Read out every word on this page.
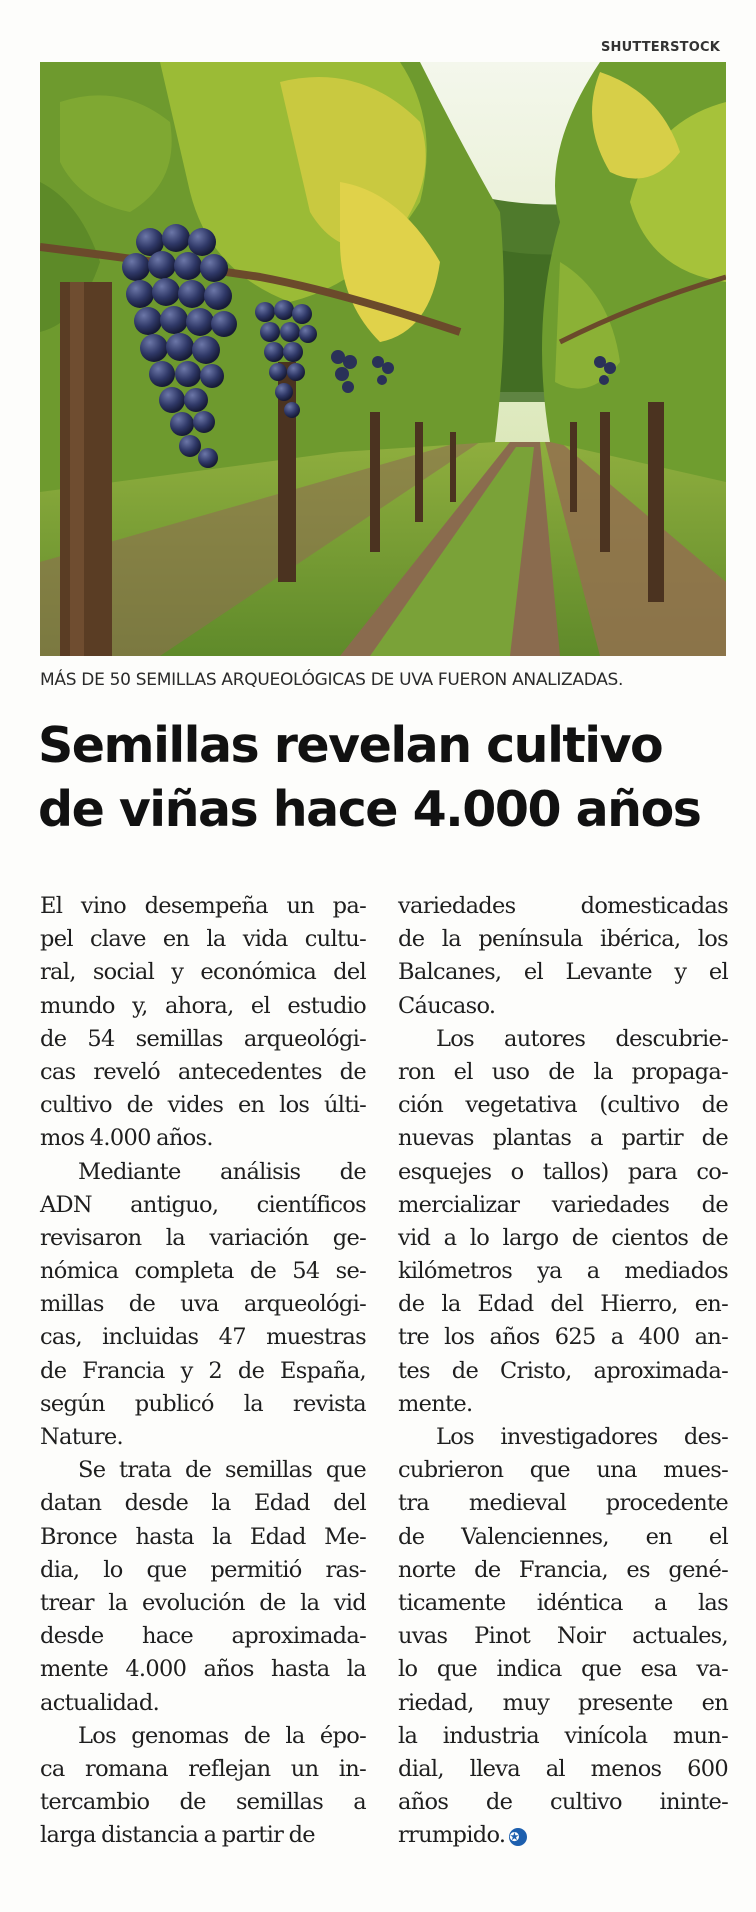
SHUTTERSTOCK
MÁS DE 50 SEMILLAS ARQUEOLÓGICAS DE UVA FUERON ANALIZADAS.
Semillas revelan cultivo
de viñas hace 4.000 años
El vino desempeña un pa-
pel clave en la vida cultu-
ral, social y económica del
mundo y, ahora, el estudio
de 54 semillas arqueológi-
cas reveló antecedentes de
cultivo de vides en los últi-
mos 4.000 años.
Mediante análisis de
ADN antiguo, científicos
revisaron la variación ge-
nómica completa de 54 se-
millas de uva arqueológi-
cas, incluidas 47 muestras
de Francia y 2 de España,
según publicó la revista
Nature.
Se trata de semillas que
datan desde la Edad del
Bronce hasta la Edad Me-
dia, lo que permitió ras-
trear la evolución de la vid
desde hace aproximada-
mente 4.000 años hasta la
actualidad.
Los genomas de la épo-
ca romana reflejan un in-
tercambio de semillas a
larga distancia a partir de
variedades domesticadas
de la península ibérica, los
Balcanes, el Levante y el
Cáucaso.
Los autores descubrie-
ron el uso de la propaga-
ción vegetativa (cultivo de
nuevas plantas a partir de
esquejes o tallos) para co-
mercializar variedades de
vid a lo largo de cientos de
kilómetros ya a mediados
de la Edad del Hierro, en-
tre los años 625 a 400 an-
tes de Cristo, aproximada-
mente.
Los investigadores des-
cubrieron que una mues-
tra medieval procedente
de Valenciennes, en el
norte de Francia, es gené-
ticamente idéntica a las
uvas Pinot Noir actuales,
lo que indica que esa va-
riedad, muy presente en
la industria vinícola mun-
dial, lleva al menos 600
años de cultivo ininte-
rrumpido. ✪
